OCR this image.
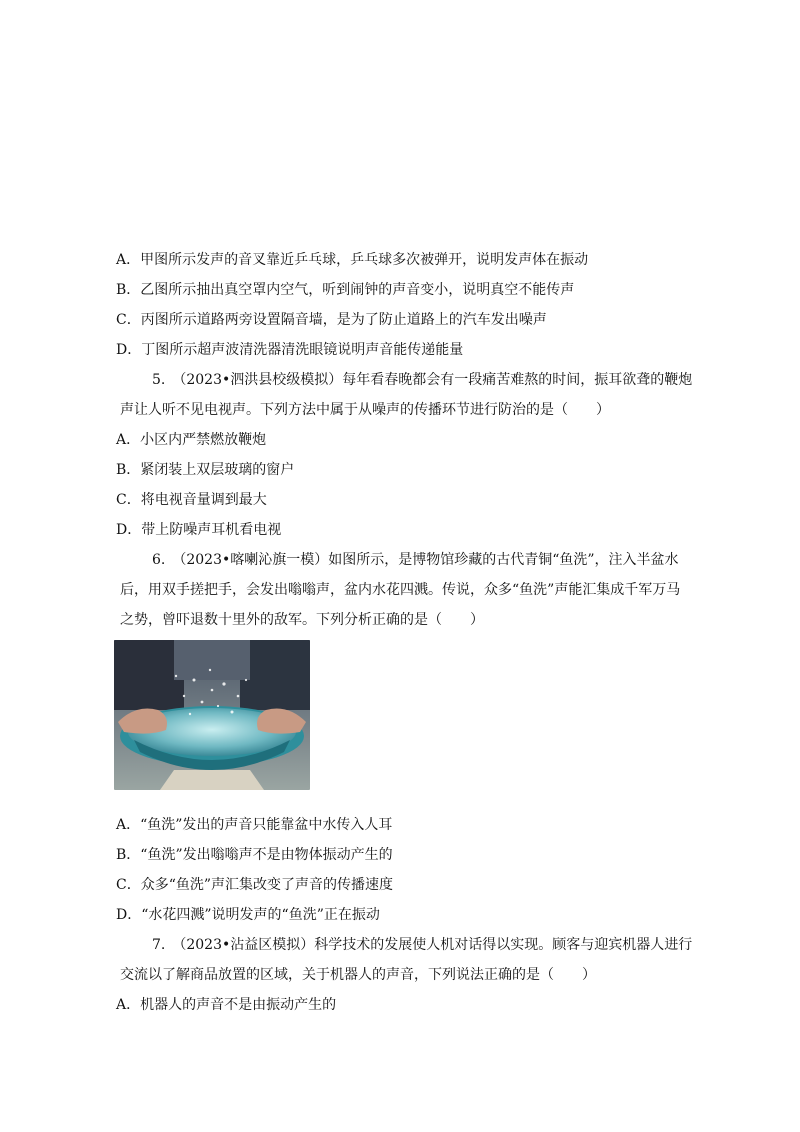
A．甲图所示发声的音叉靠近乒乓球，乒乓球多次被弹开，说明发声体在振动
B．乙图所示抽出真空罩内空气，听到闹钟的声音变小，说明真空不能传声
C．丙图所示道路两旁设置隔音墙，是为了防止道路上的汽车发出噪声
D．丁图所示超声波清洗器清洗眼镜说明声音能传递能量
5.　（2023•泗洪县校级模拟）每年看春晚都会有一段痛苦难熬的时间，振耳欲聋的鞭炮
声让人听不见电视声。下列方法中属于从噪声的传播环节进行防治的是（　　）
A．小区内严禁燃放鞭炮
B．紧闭装上双层玻璃的窗户
C．将电视音量调到最大
D．带上防噪声耳机看电视
6.　（2023•喀喇沁旗一模）如图所示，是博物馆珍藏的古代青铜“鱼洗”，注入半盆水
后，用双手搓把手，会发出嗡嗡声，盆内水花四溅。传说，众多“鱼洗”声能汇集成千军万马
之势，曾吓退数十里外的敌军。下列分析正确的是（　　）
A．“鱼洗”发出的声音只能靠盆中水传入人耳
B．“鱼洗”发出嗡嗡声不是由物体振动产生的
C．众多“鱼洗”声汇集改变了声音的传播速度
D．“水花四溅”说明发声的“鱼洗”正在振动
7.　（2023•沾益区模拟）科学技术的发展使人机对话得以实现。顾客与迎宾机器人进行
交流以了解商品放置的区域，关于机器人的声音，下列说法正确的是（　　）
A．机器人的声音不是由振动产生的
